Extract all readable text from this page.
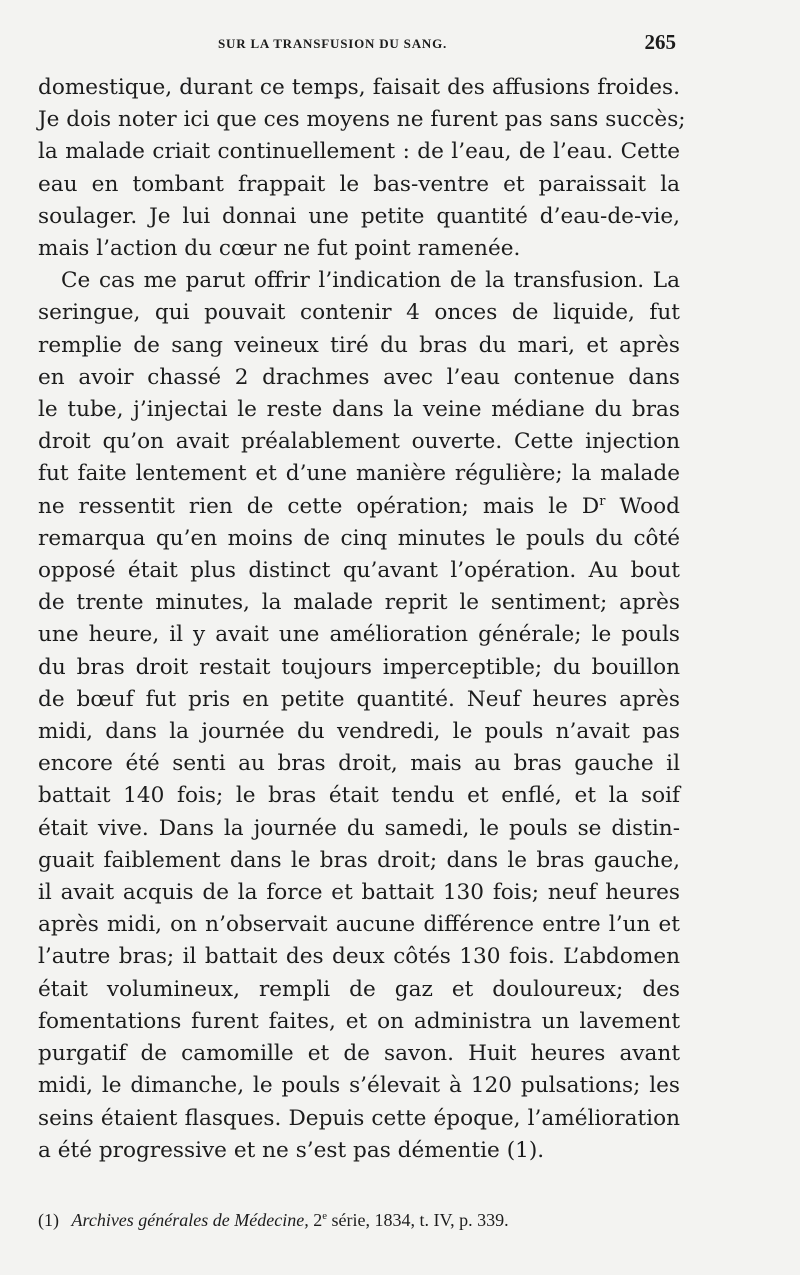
SUR LA TRANSFUSION DU SANG.	265
domestique, durant ce temps, faisait des affusions froides.
Je dois noter ici que ces moyens ne furent pas sans succès;
la malade criait continuellement : de l’eau, de l’eau. Cette
eau en tombant frappait le bas-ventre et paraissait la
soulager. Je lui donnai une petite quantité d’eau-de-vie,
mais l’action du cœur ne fut point ramenée.
Ce cas me parut offrir l’indication de la transfusion. La
seringue, qui pouvait contenir 4 onces de liquide, fut
remplie de sang veineux tiré du bras du mari, et après
en avoir chassé 2 drachmes avec l’eau contenue dans
le tube, j’injectai le reste dans la veine médiane du bras
droit qu’on avait préalablement ouverte. Cette injection
fut faite lentement et d’une manière régulière; la malade
ne ressentit rien de cette opération; mais le $D^r$ Wood
remarqua qu’en moins de cinq minutes le pouls du côté
opposé était plus distinct qu’avant l’opération. Au bout
de trente minutes, la malade reprit le sentiment; après
une heure, il y avait une amélioration générale; le pouls
du bras droit restait toujours imperceptible; du bouillon
de bœuf fut pris en petite quantité. Neuf heures après
midi, dans la journée du vendredi, le pouls n’avait pas
encore été senti au bras droit, mais au bras gauche il
battait 140 fois; le bras était tendu et enflé, et la soif
était vive. Dans la journée du samedi, le pouls se distin-
guait faiblement dans le bras droit; dans le bras gauche,
il avait acquis de la force et battait 130 fois; neuf heures
après midi, on n’observait aucune différence entre l’un et
l’autre bras; il battait des deux côtés 130 fois. L’abdomen
était volumineux, rempli de gaz et douloureux; des
fomentations furent faites, et on administra un lavement
purgatif de camomille et de savon. Huit heures avant
midi, le dimanche, le pouls s’élevait à 120 pulsations; les
seins étaient flasques. Depuis cette époque, l’amélioration
a été progressive et ne s’est pas démentie (1).
(1) Archives générales de Médecine, 2e série, 1834, t. IV, p. 339.
